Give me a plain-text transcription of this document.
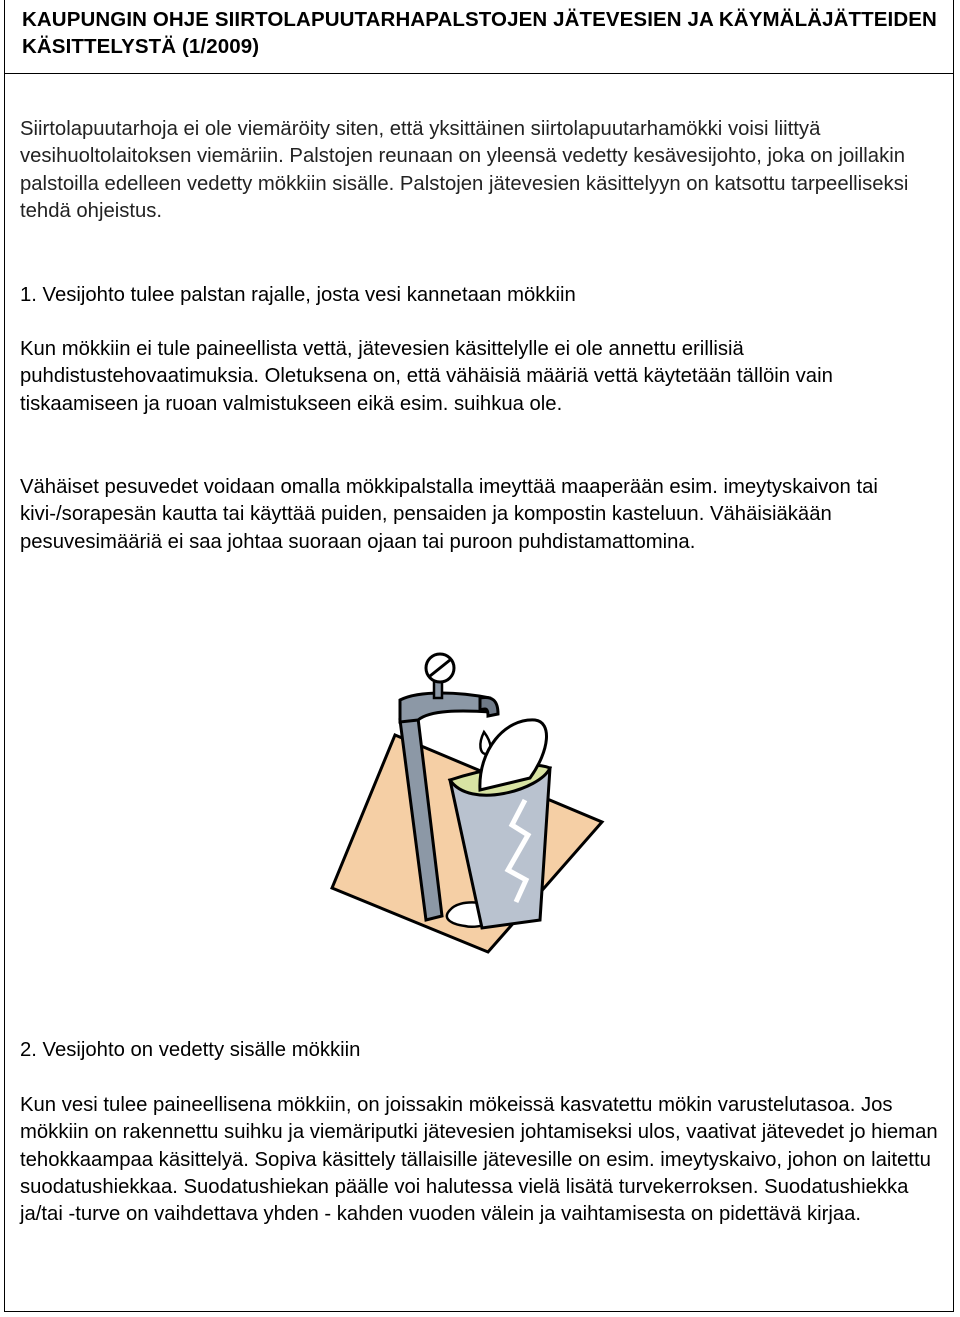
KAUPUNGIN OHJE SIIRTOLAPUUTARHAPALSTOJEN JÄTEVESIEN JA KÄYMÄLÄJÄTTEIDEN KÄSITTELYSTÄ (1/2009)

Siirtolapuutarhoja ei ole viemäröity siten, että yksittäinen siirtolapuutarhamökki voisi liittyä vesihuoltolaitoksen viemäriin. Palstojen reunaan on yleensä vedetty kesävesijohto, joka on joillakin palstoilla edelleen vedetty mökkiin sisälle. Palstojen jätevesien käsittelyyn on katsottu tarpeelliseksi tehdä ohjeistus.

1. Vesijohto tulee palstan rajalle, josta vesi kannetaan mökkiin

Kun mökkiin ei tule paineellista vettä, jätevesien käsittelylle ei ole annettu erillisiä puhdistustehovaatimuksia. Oletuksena on, että vähäisiä määriä vettä käytetään tällöin vain tiskaamiseen ja ruoan valmistukseen eikä esim. suihkua ole.

Vähäiset pesuvedet voidaan omalla mökkipalstalla imeyttää maaperään esim. imeytyskaivon tai kivi-/sorapesän kautta tai käyttää puiden, pensaiden ja kompostin kasteluun. Vähäisiäkään pesuvesimääriä ei saa johtaa suoraan ojaan tai puroon puhdistamattomina.

2. Vesijohto on vedetty sisälle mökkiin

Kun vesi tulee paineellisena mökkiin, on joissakin mökeissä kasvatettu mökin varustelutasoa. Jos mökkiin on rakennettu suihku ja viemäriputki jätevesien johtamiseksi ulos, vaativat jätevedet jo hieman tehokkaampaa käsittelyä. Sopiva käsittely tällaisille jätevesille on esim. imeytyskaivo, johon on laitettu suodatushiekkaa. Suodatushiekan päälle voi halutessa vielä lisätä turvekerroksen. Suodatushiekka ja/tai -turve on vaihdettava yhden - kahden vuoden välein ja vaihtamisesta on pidettävä kirjaa.
